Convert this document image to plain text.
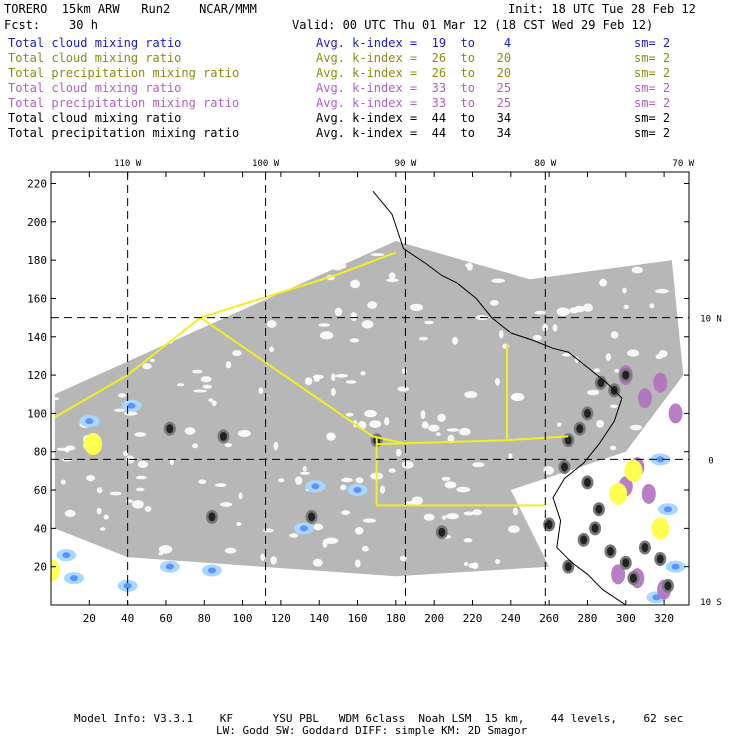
20 40 60 80 100 120 140 160 180 200 220 240 260 280 300 320
20
40
60
80
100
120
140
160
180
200
220
110 W	100 W	90 W	80 W	70 W
10 N
0
10 S
TORERO  15km ARW   Run2    NCAR/MMM	Init: 18 UTC Tue 28 Feb 12
Fcst:    30 h	Valid: 00 UTC Thu 01 Mar 12 (18 CST Wed 29 Feb 12)
Total cloud mixing ratio	Avg. k-index =  19  to    4	sm= 2
Total cloud mixing ratio	Avg. k-index =  26  to   20	sm= 2
Total precipitation mixing ratio	Avg. k-index =  26  to   20	sm= 2
Total cloud mixing ratio	Avg. k-index =  33  to   25	sm= 2
Total precipitation mixing ratio	Avg. k-index =  33  to   25	sm= 2
Total cloud mixing ratio	Avg. k-index =  44  to   34	sm= 2
Total precipitation mixing ratio	Avg. k-index =  44  to   34	sm= 2
Model Info: V3.3.1    KF      YSU PBL   WDM 6class  Noah LSM  15 km,    44 levels,    62 sec
LW: Godd SW: Goddard DIFF: simple KM: 2D Smagor
